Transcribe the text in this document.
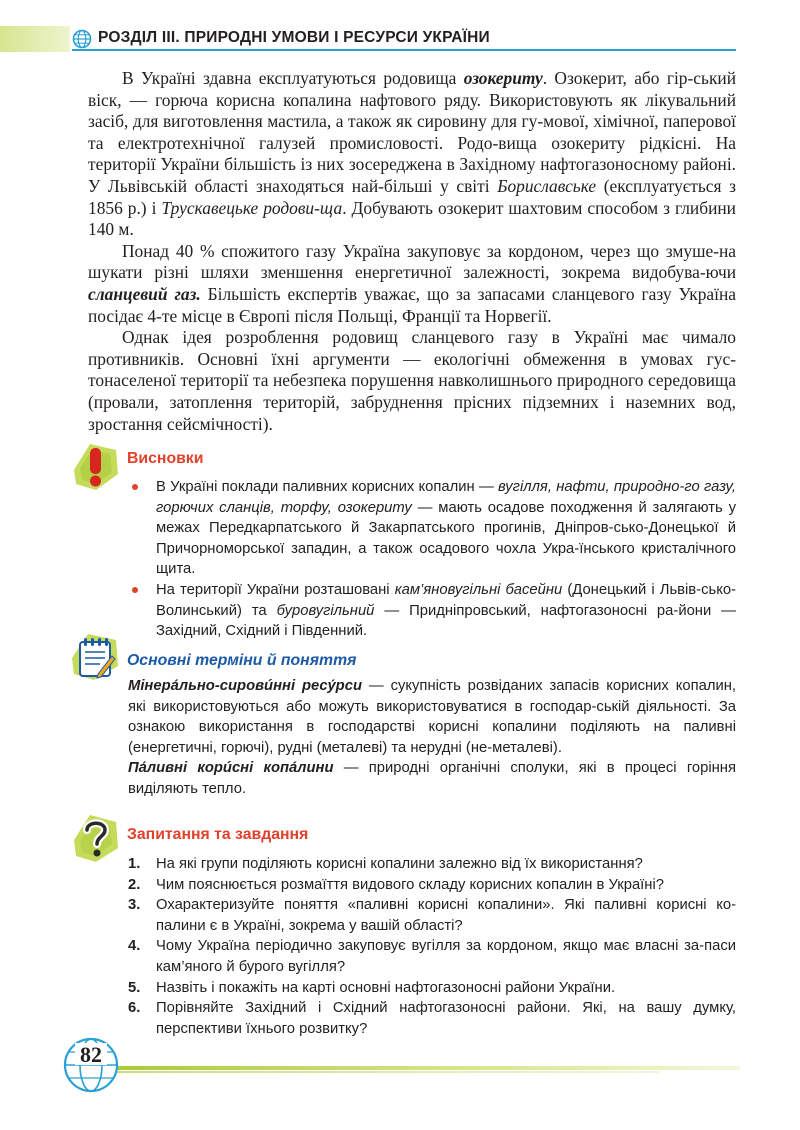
РОЗДІЛ III. ПРИРОДНІ УМОВИ І РЕСУРСИ УКРАЇНИ

В Україні здавна експлуатуються родовища озокериту. Озокерит, або гір-ський віск, — горюча корисна копалина нафтового ряду. Використовують як лікувальний засіб, для виготовлення мастила, а також як сировину для гу-мової, хімічної, паперової та електротехнічної галузей промисловості. Родо-вища озокериту рідкісні. На території України більшість із них зосереджена в Західному нафтогазоносному районі. У Львівській області знаходяться най-більші у світі Бориславське (експлуатується з 1856 р.) і Трускавецьке родови-ща. Добувають озокерит шахтовим способом з глибини 140 м.

Понад 40 % спожитого газу Україна закуповує за кордоном, через що змуше-на шукати різні шляхи зменшення енергетичної залежності, зокрема видобува-ючи сланцевий газ. Більшість експертів уважає, що за запасами сланцевого газу Україна посідає 4-те місце в Європі після Польщі, Франції та Норвегії.

Однак ідея розроблення родовищ сланцевого газу в Україні має чимало противників. Основні їхні аргументи — екологічні обмеження в умовах гус-тонаселеної території та небезпека порушення навколишнього природного середовища (провали, затоплення територій, забруднення прісних підземних і наземних вод, зростання сейсмічності).

Висновки
В Україні поклади паливних корисних копалин — вугілля, нафти, природно-го газу, горючих сланців, торфу, озокериту — мають осадове походження й залягають у межах Передкарпатського й Закарпатського прогинів, Дніпров-сько-Донецької й Причорноморської западин, а також осадового чохла Укра-їнського кристалічного щита.
На території України розташовані кам’яновугільні басейни (Донецький і Львів-сько-Волинський) та буровугільний — Придніпровський, нафтогазоносні ра-йони — Західний, Східний і Південний.
Основні терміни й поняття

Мінера́льно-сировúнні ресу́рси — сукупність розвіданих запасів корисних копалин, які використовуються або можуть використовуватися в господар-ській діяльності. За ознакою використання в господарстві корисні копалини поділяють на паливні (енергетичні, горючі), рудні (металеві) та нерудні (не-металеві).

Па́ливні корúсні копа́лини — природні органічні сполуки, які в процесі горіння виділяють тепло.

Запитання та завдання
1. На які групи поділяють корисні копалини залежно від їх використання?
2. Чим пояснюється розмаїття видового складу корисних копалин в Україні?
3. Охарактеризуйте поняття «паливні корисні копалини». Які паливні корисні ко-палини є в Україні, зокрема у вашій області?
4. Чому Україна періодично закуповує вугілля за кордоном, якщо має власні за-паси кам’яного й бурого вугілля?
5. Назвіть і покажіть на карті основні нафтогазоносні райони України.
6. Порівняйте Західний і Східний нафтогазоносні райони. Які, на вашу думку, перспективи їхнього розвитку?
82
